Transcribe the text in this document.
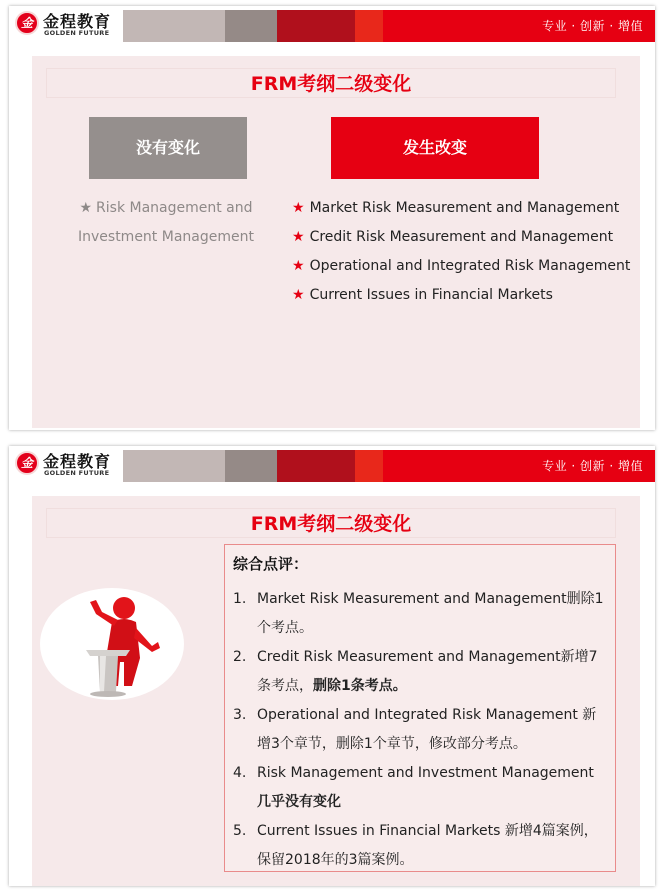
金 金程教育
GOLDEN FUTURE	专业 · 创新 · 增值
FRM考纲二级变化
没有变化	发生改变
★ Risk Management and Investment Management
★ Market Risk Measurement and Management
★ Credit Risk Measurement and Management
★ Operational and Integrated Risk Management
★ Current Issues in Financial Markets
金 金程教育
GOLDEN FUTURE	专业 · 创新 · 增值
FRM考纲二级变化
综合点评：
1. Market Risk Measurement and Management删除1个考点。
2. Credit Risk Measurement and Management新增7条考点，删除1条考点。
3. Operational and Integrated Risk Management 新增3个章节，删除1个章节，修改部分考点。
4. Risk Management and Investment Management 几乎没有变化
5. Current Issues in Financial Markets 新增4篇案例，保留2018年的3篇案例。
